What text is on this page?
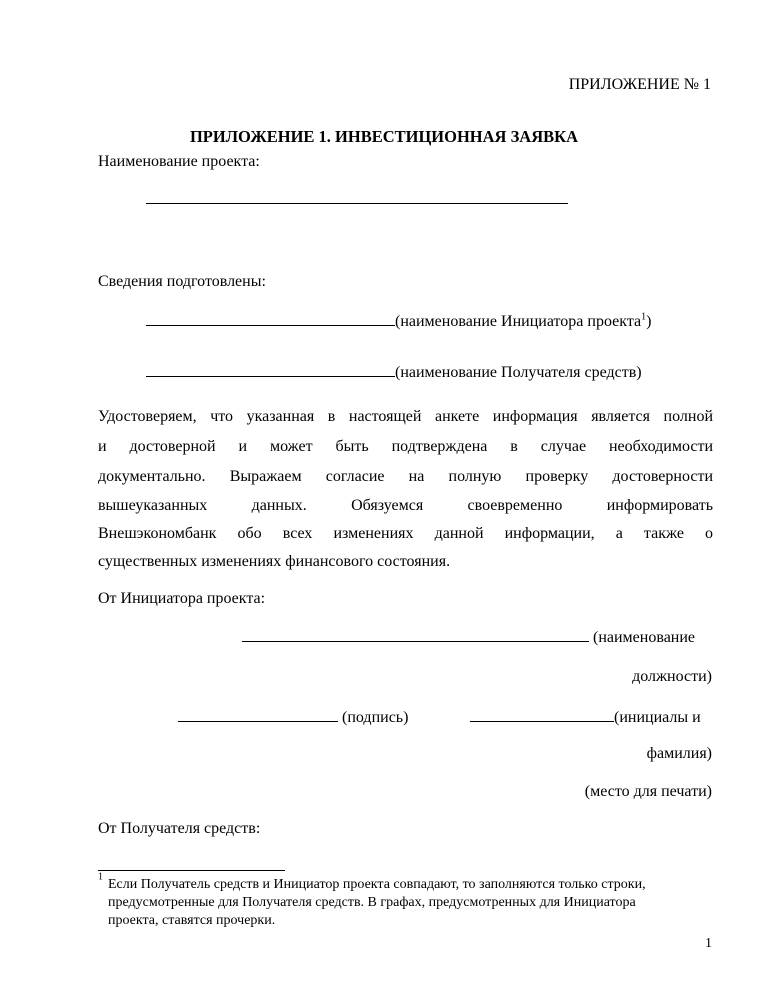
ПРИЛОЖЕНИЕ № 1
ПРИЛОЖЕНИЕ 1. ИНВЕСТИЦИОННАЯ ЗАЯВКА
Наименование проекта:
Сведения подготовлены:
(наименование Инициатора проекта$^1$)
(наименование Получателя средств)
Удостоверяем, что указанная в настоящей анкете информация является полной
и достоверной и может быть подтверждена в случае необходимости
документально. Выражаем согласие на полную проверку достоверности
вышеуказанных данных. Обязуемся своевременно информировать
Внешэкономбанк обо всех изменениях данной информации, а также о
существенных изменениях финансового состояния.
От Инициатора проекта:
(наименование
должности)
(подпись)	(инициалы и
фамилия)
(место для печати)
От Получателя средств:
$^1$
Если Получатель средств и Инициатор проекта совпадают, то заполняются только строки,
предусмотренные для Получателя средств. В графах, предусмотренных для Инициатора
проекта, ставятся прочерки.
1
